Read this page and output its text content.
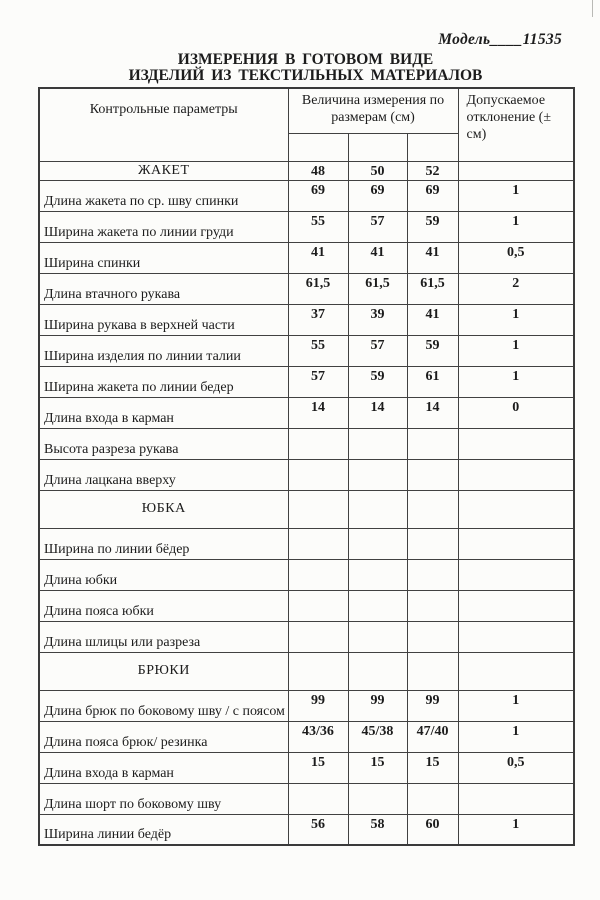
Модель____11535
ИЗМЕРЕНИЯ В ГОТОВОМ ВИДЕ
ИЗДЕЛИЙ ИЗ ТЕКСТИЛЬНЫХ МАТЕРИАЛОВ
Контрольные параметры	Величина измерения по размерам (см)			Допускаемое отклонение (± см)

ЖАКЕТ	48	50	52	
Длина жакета по ср. шву спинки	69	69	69	1
Ширина жакета по линии груди	55	57	59	1
Ширина спинки	41	41	41	0,5
Длина втачного рукава	61,5	61,5	61,5	2
Ширина рукава в верхней части	37	39	41	1
Ширина изделия по линии талии	55	57	59	1
Ширина жакета по линии бедер	57	59	61	1
Длина входа в карман	14	14	14	0
Высота разреза рукава				
Длина лацкана вверху				
ЮБКА				
Ширина по линии бёдер				
Длина юбки				
Длина пояса юбки				
Длина шлицы или разреза				
БРЮКИ				
Длина брюк по боковому шву / с поясом	99	99	99	1
Длина пояса брюк/ резинка	43/36	45/38	47/40	1
Длина входа в карман	15	15	15	0,5
Длина шорт по боковому шву				
Ширина линии бедёр	56	58	60	1
